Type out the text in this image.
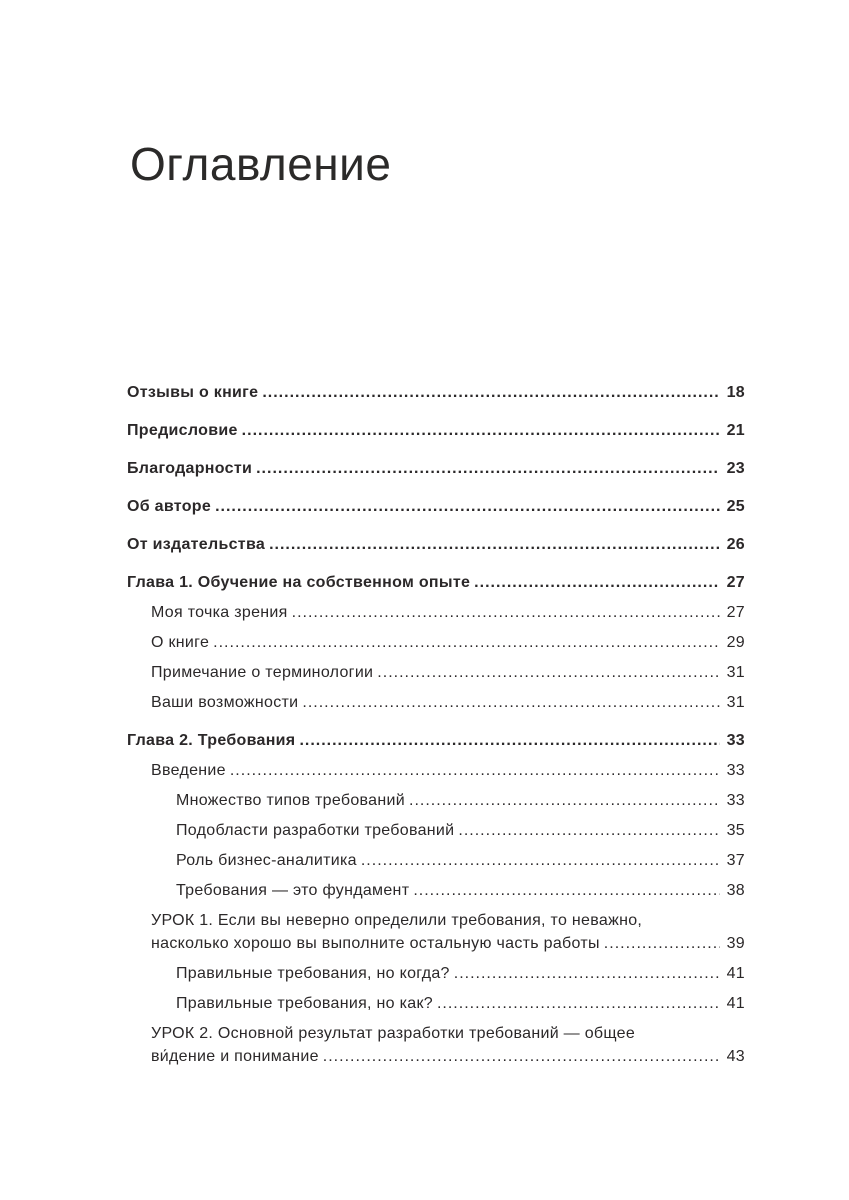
Оглавление
Отзывы о книге .....	18
Предисловие .....	21
Благодарности .....	23
Об авторе .....	25
От издательства .....	26
Глава 1. Обучение на собственном опыте .....	27
Моя точка зрения .....	27
О книге .....	29
Примечание о терминологии .....	31
Ваши возможности .....	31
Глава 2. Требования .....	33
Введение .....	33
Множество типов требований .....	33
Подобласти разработки требований .....	35
Роль бизнес-аналитика .....	37
Требования — это фундамент .....	38
УРОК 1. Если вы неверно определили требования, то неважно,
насколько хорошо вы выполните остальную часть работы .....	39
Правильные требования, но когда? .....	41
Правильные требования, но как? .....	41
УРОК 2. Основной результат разработки требований — общее
ви́дение и понимание .....	43
